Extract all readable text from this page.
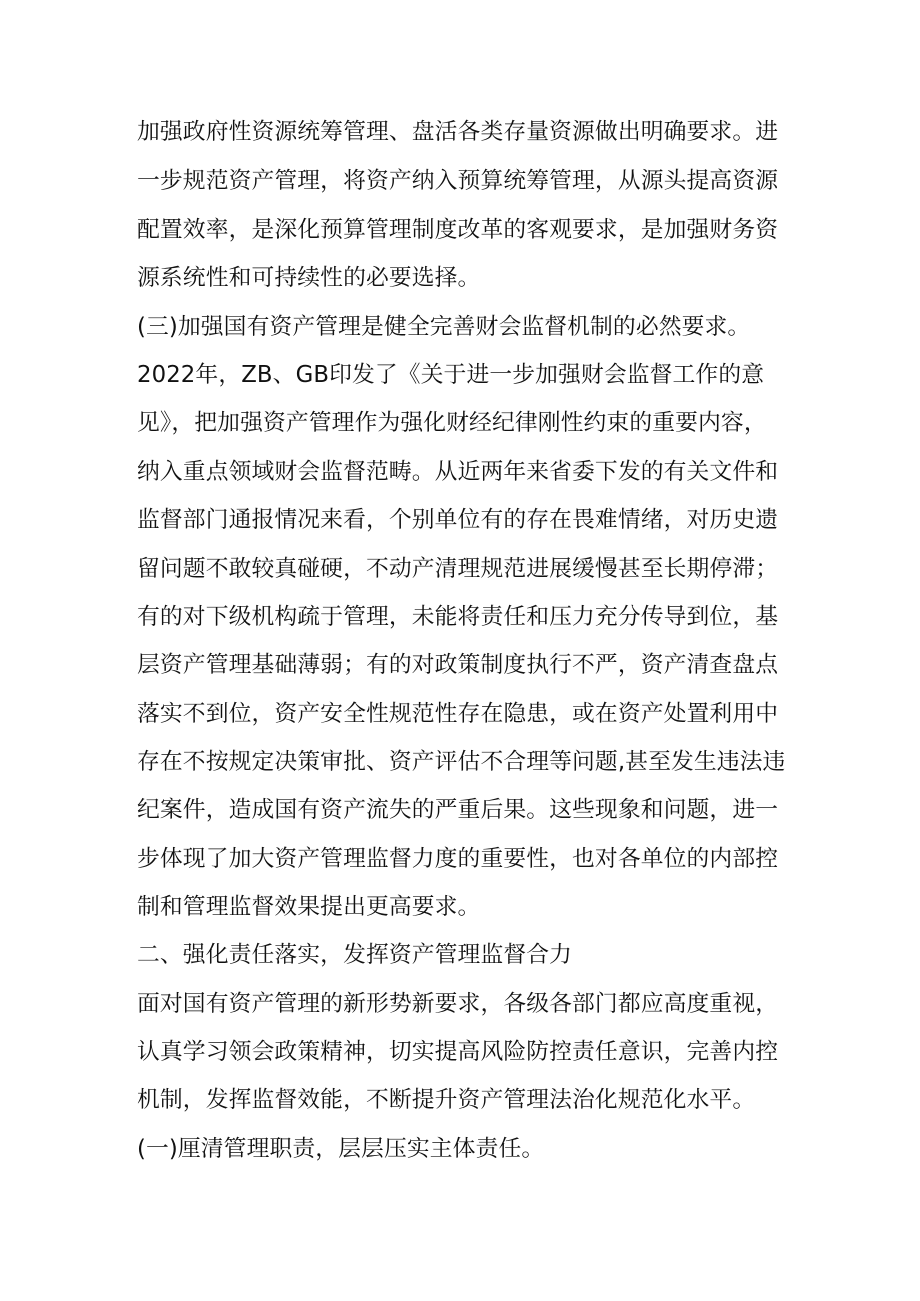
加强政府性资源统筹管理、盘活各类存量资源做出明确要求。进
一步规范资产管理，将资产纳入预算统筹管理，从源头提高资源
配置效率，是深化预算管理制度改革的客观要求，是加强财务资
源系统性和可持续性的必要选择。
(三)加强国有资产管理是健全完善财会监督机制的必然要求。
2022年，ZB、GB印发了《关于进一步加强财会监督工作的意
见》，把加强资产管理作为强化财经纪律刚性约束的重要内容，
纳入重点领域财会监督范畴。从近两年来省委下发的有关文件和
监督部门通报情况来看，个别单位有的存在畏难情绪，对历史遗
留问题不敢较真碰硬，不动产清理规范进展缓慢甚至长期停滞；
有的对下级机构疏于管理，未能将责任和压力充分传导到位，基
层资产管理基础薄弱；有的对政策制度执行不严，资产清查盘点
落实不到位，资产安全性规范性存在隐患，或在资产处置利用中
存在不按规定决策审批、资产评估不合理等问题,甚至发生违法违
纪案件，造成国有资产流失的严重后果。这些现象和问题，进一
步体现了加大资产管理监督力度的重要性，也对各单位的内部控
制和管理监督效果提出更高要求。
二、强化责任落实，发挥资产管理监督合力
面对国有资产管理的新形势新要求，各级各部门都应高度重视，
认真学习领会政策精神，切实提高风险防控责任意识，完善内控
机制，发挥监督效能，不断提升资产管理法治化规范化水平。
(一)厘清管理职责，层层压实主体责任。
